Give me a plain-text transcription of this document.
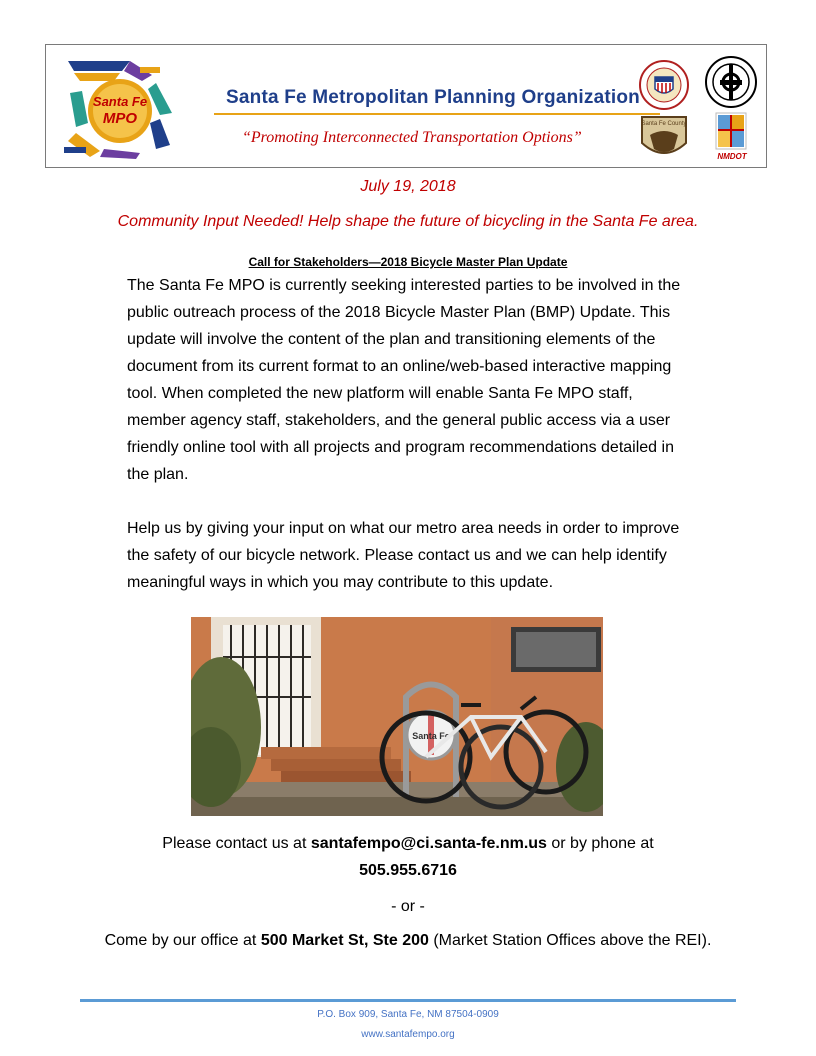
Santa Fe
MPO
Santa Fe Metropolitan Planning Organization
“Promoting Interconnected Transportation Options”
Santa Fe County
NMDOT
July 19, 2018
Community Input Needed! Help shape the future of bicycling in the Santa Fe area.
Call for Stakeholders—2018 Bicycle Master Plan Update

The Santa Fe MPO is currently seeking interested parties to be involved in the public outreach process of the 2018 Bicycle Master Plan (BMP) Update. This update will involve the content of the plan and transitioning elements of the document from its current format to an online/web-based interactive mapping tool. When completed the new platform will enable Santa Fe MPO staff, member agency staff, stakeholders, and the general public access via a user friendly online tool with all projects and program recommendations detailed in the plan.

Help us by giving your input on what our metro area needs in order to improve the safety of our bicycle network. Please contact us and we can help identify meaningful ways in which you may contribute to this update.

Santa Fe
Please contact us at santafempo@ci.santa-fe.nm.us or by phone at
505.955.6716
- or -
Come by our office at 500 Market St, Ste 200 (Market Station Offices above the REI).
P.O. Box 909, Santa Fe, NM 87504-0909
www.santafempo.org
